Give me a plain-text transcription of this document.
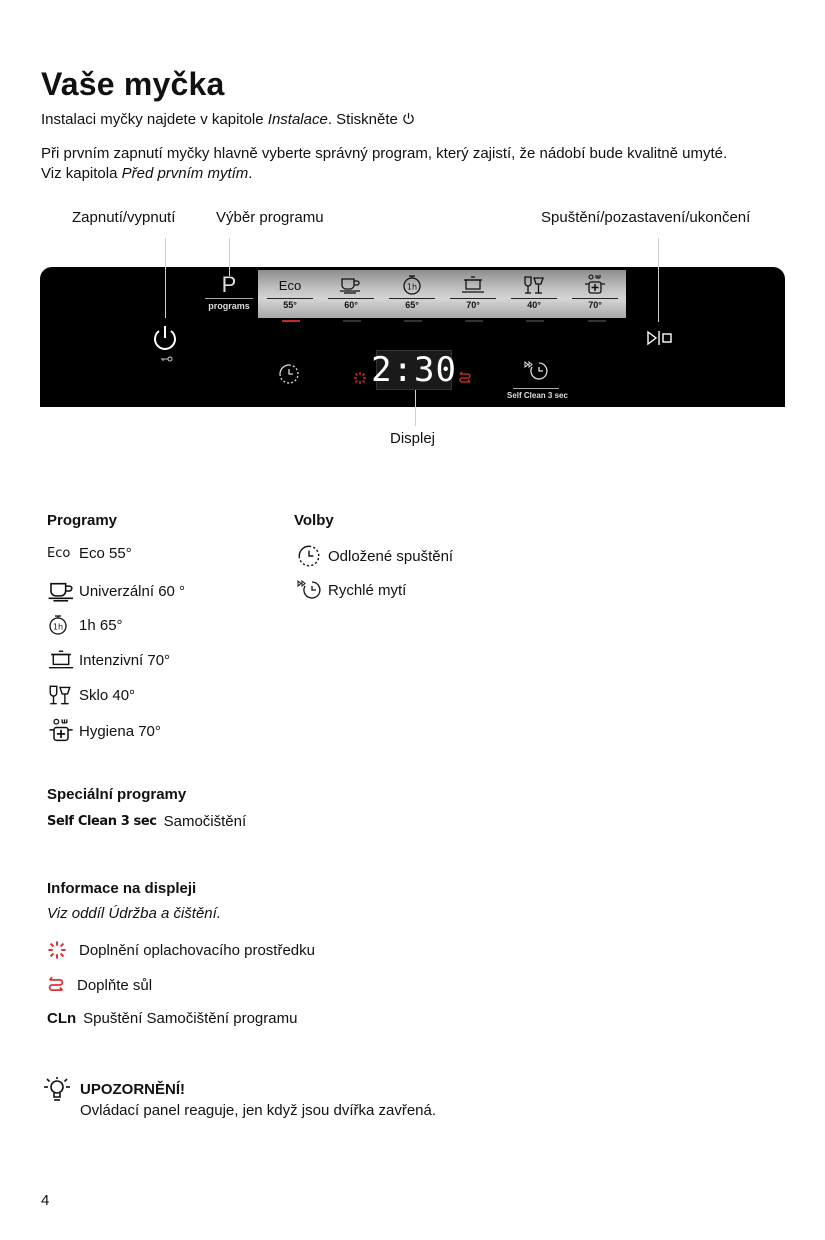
Vaše myčka
Instalaci myčky najdete v kapitole Instalace. Stiskněte
Při prvním zapnutí myčky hlavně vyberte správný program, který zajistí, že nádobí bude kvalitně umyté.
Viz kapitola Před prvním mytím.
Zapnutí/vypnutí	Výběr programu	Spuštění/pozastavení/ukončení
P
programs
Eco
55°	60°
1h
65°	70°	40°	70°
2:30
Self Clean 3 sec
Displej
Programy
Eco Eco 55°
Univerzální 60 °
1h 1h 65°
Intenzivní 70°
Sklo 40°
Hygiena 70°
Volby
Odložené spuštění
Rychlé mytí
Speciální programy
Self Clean 3 sec Samočištění
Informace na displeji
Viz oddíl Údržba a čištění.
Doplnění oplachovacího prostředku
Doplňte sůl
CLn Spuštění Samočištění programu
UPOZORNĚNÍ!
Ovládací panel reaguje, jen když jsou dvířka zavřená.
4
